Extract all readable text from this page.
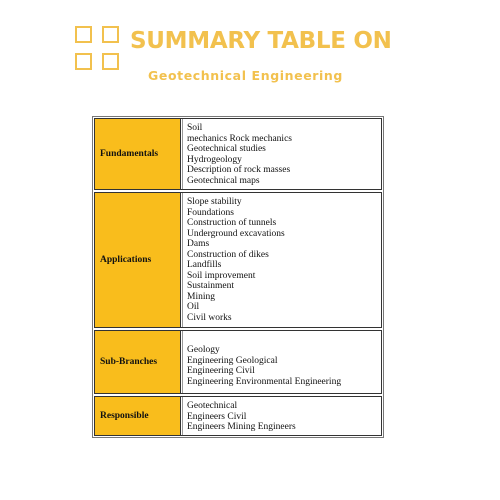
SUMMARY TABLE ON
Geotechnical Engineering
Fundamentals
Soil
mechanics Rock mechanics
Geotechnical studies
Hydrogeology
Description of rock masses
Geotechnical maps
Applications
Slope stability
Foundations
Construction of tunnels
Underground excavations
Dams
Construction of dikes
Landfills
Soil improvement
Sustainment
Mining
Oil
Civil works
Sub-Branches
Geology
Engineering Geological
Engineering Civil
Engineering Environmental Engineering
Responsible
Geotechnical
Engineers Civil
Engineers Mining Engineers
